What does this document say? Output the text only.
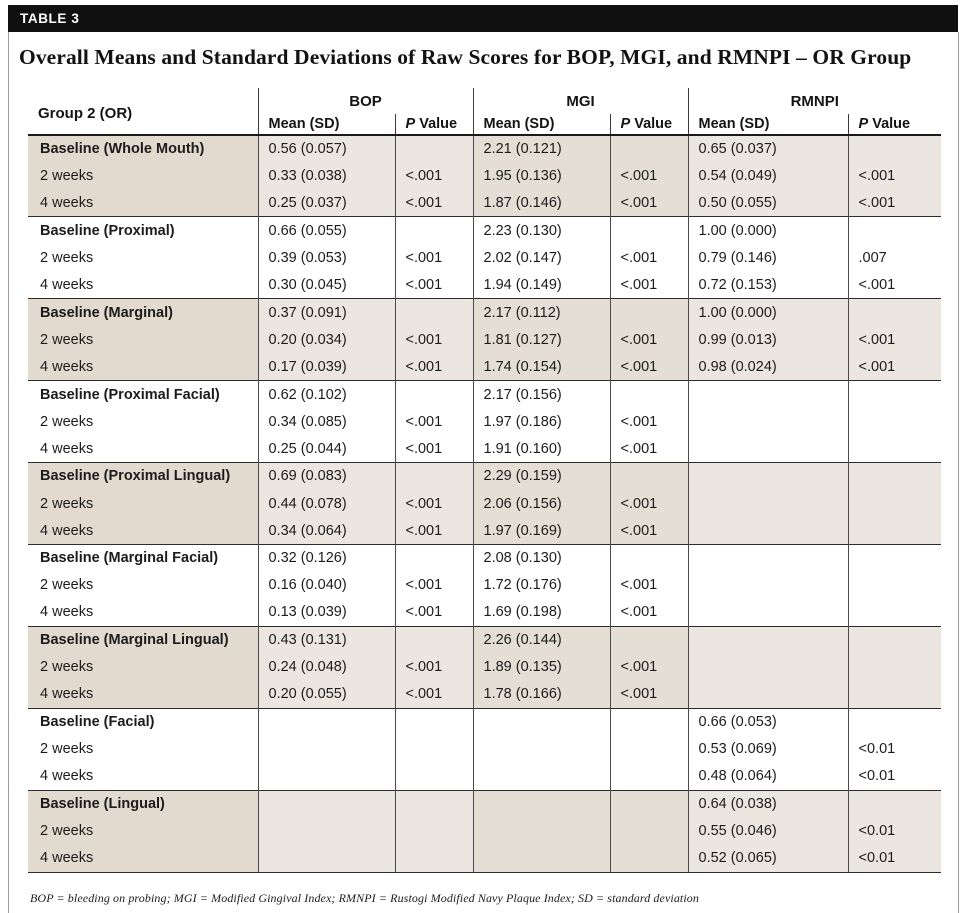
TABLE 3
Overall Means and Standard Deviations of Raw Scores for BOP, MGI, and RMNPI – OR Group
Group 2 (OR)	BOP		MGI		RMNPI	
	Mean (SD)	P Value	Mean (SD)	P Value	Mean (SD)	P Value
Baseline (Whole Mouth)	0.56 (0.057)		2.21 (0.121)		0.65 (0.037)	
2 weeks	0.33 (0.038)	<.001	1.95 (0.136)	<.001	0.54 (0.049)	<.001
4 weeks	0.25 (0.037)	<.001	1.87 (0.146)	<.001	0.50 (0.055)	<.001
Baseline (Proximal)	0.66 (0.055)		2.23 (0.130)		1.00 (0.000)	
2 weeks	0.39 (0.053)	<.001	2.02 (0.147)	<.001	0.79 (0.146)	.007
4 weeks	0.30 (0.045)	<.001	1.94 (0.149)	<.001	0.72 (0.153)	<.001
Baseline (Marginal)	0.37 (0.091)		2.17 (0.112)		1.00 (0.000)	
2 weeks	0.20 (0.034)	<.001	1.81 (0.127)	<.001	0.99 (0.013)	<.001
4 weeks	0.17 (0.039)	<.001	1.74 (0.154)	<.001	0.98 (0.024)	<.001
Baseline (Proximal Facial)	0.62 (0.102)		2.17 (0.156)			
2 weeks	0.34 (0.085)	<.001	1.97 (0.186)	<.001		
4 weeks	0.25 (0.044)	<.001	1.91 (0.160)	<.001		
Baseline (Proximal Lingual)	0.69 (0.083)		2.29 (0.159)			
2 weeks	0.44 (0.078)	<.001	2.06 (0.156)	<.001		
4 weeks	0.34 (0.064)	<.001	1.97 (0.169)	<.001		
Baseline (Marginal Facial)	0.32 (0.126)		2.08 (0.130)			
2 weeks	0.16 (0.040)	<.001	1.72 (0.176)	<.001		
4 weeks	0.13 (0.039)	<.001	1.69 (0.198)	<.001		
Baseline (Marginal Lingual)	0.43 (0.131)		2.26 (0.144)			
2 weeks	0.24 (0.048)	<.001	1.89 (0.135)	<.001		
4 weeks	0.20 (0.055)	<.001	1.78 (0.166)	<.001		
Baseline (Facial)					0.66 (0.053)	
2 weeks					0.53 (0.069)	<0.01
4 weeks					0.48 (0.064)	<0.01
Baseline (Lingual)					0.64 (0.038)	
2 weeks					0.55 (0.046)	<0.01
4 weeks					0.52 (0.065)	<0.01
BOP = bleeding on probing; MGI = Modified Gingival Index; RMNPI = Rustogi Modified Navy Plaque Index; SD = standard deviation
